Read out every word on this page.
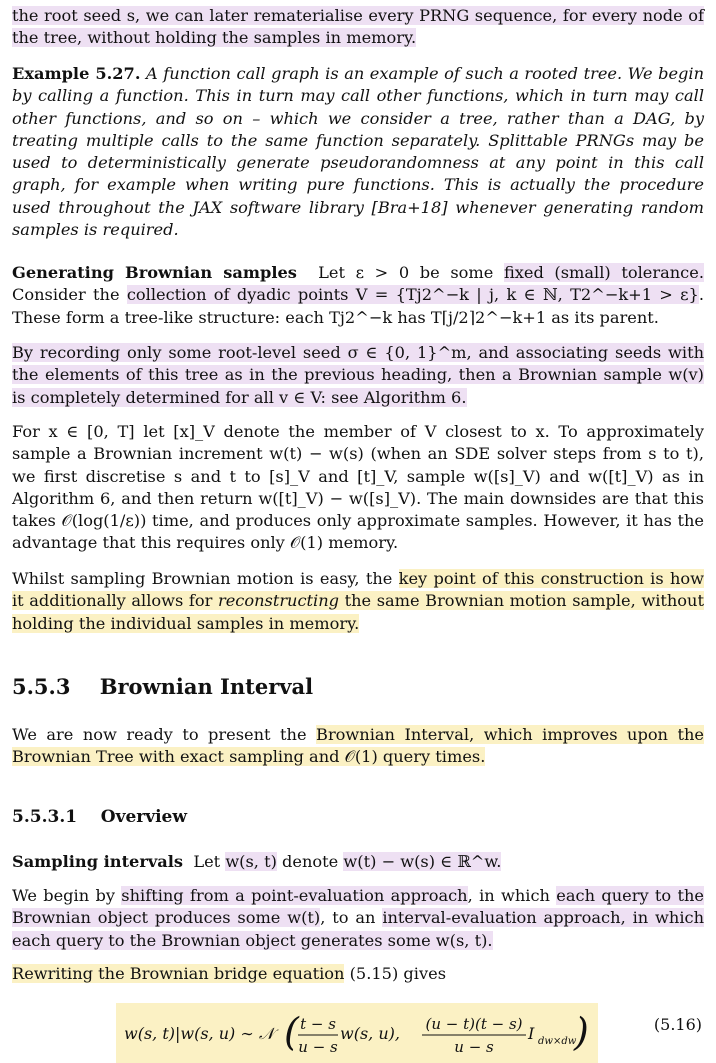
the root seed s, we can later rematerialise every PRNG sequence, for every node of the tree, without holding the samples in memory.

Example 5.27. A function call graph is an example of such a rooted tree. We begin by calling a function. This in turn may call other functions, which in turn may call other functions, and so on – which we consider a tree, rather than a DAG, by treating multiple calls to the same function separately. Splittable PRNGs may be used to deterministically generate pseudorandomness at any point in this call graph, for example when writing pure functions. This is actually the procedure used throughout the JAX software library [Bra+18] whenever generating random samples is required.

Generating Brownian samples Let ε > 0 be some fixed (small) tolerance. Consider the collection of dyadic points V = {Tj2^−k | j, k ∈ ℕ, T2^−k+1 > ε}. These form a tree-like structure: each Tj2^−k has T⌈j/2⌉2^−k+1 as its parent.

By recording only some root-level seed σ ∈ {0, 1}^m, and associating seeds with the elements of this tree as in the previous heading, then a Brownian sample w(v) is completely determined for all v ∈ V: see Algorithm 6.

For x ∈ [0, T] let [x]_V denote the member of V closest to x. To approximately sample a Brownian increment w(t) − w(s) (when an SDE solver steps from s to t), we first discretise s and t to [s]_V and [t]_V, sample w([s]_V) and w([t]_V) as in Algorithm 6, and then return w([t]_V) − w([s]_V). The main downsides are that this takes 𝒪(log(1/ε)) time, and produces only approximate samples. However, it has the advantage that this requires only 𝒪(1) memory.

Whilst sampling Brownian motion is easy, the key point of this construction is how it additionally allows for reconstructing the same Brownian motion sample, without holding the individual samples in memory.

5.5.3 Brownian Interval

We are now ready to present the Brownian Interval, which improves upon the Brownian Tree with exact sampling and 𝒪(1) query times.

5.5.3.1 Overview

Sampling intervals Let w(s, t) denote w(t) − w(s) ∈ ℝ^w.

We begin by shifting from a point-evaluation approach, in which each query to the Brownian object produces some w(t), to an interval-evaluation approach, in which each query to the Brownian object generates some w(s, t).

Rewriting the Brownian bridge equation (5.15) gives

w(s, t)|w(s, u) ∼ 𝒩 ( t − s
u − s
w(s, u), (u − t)(t − s)
u − s
I dw×dw
)	(5.16)
